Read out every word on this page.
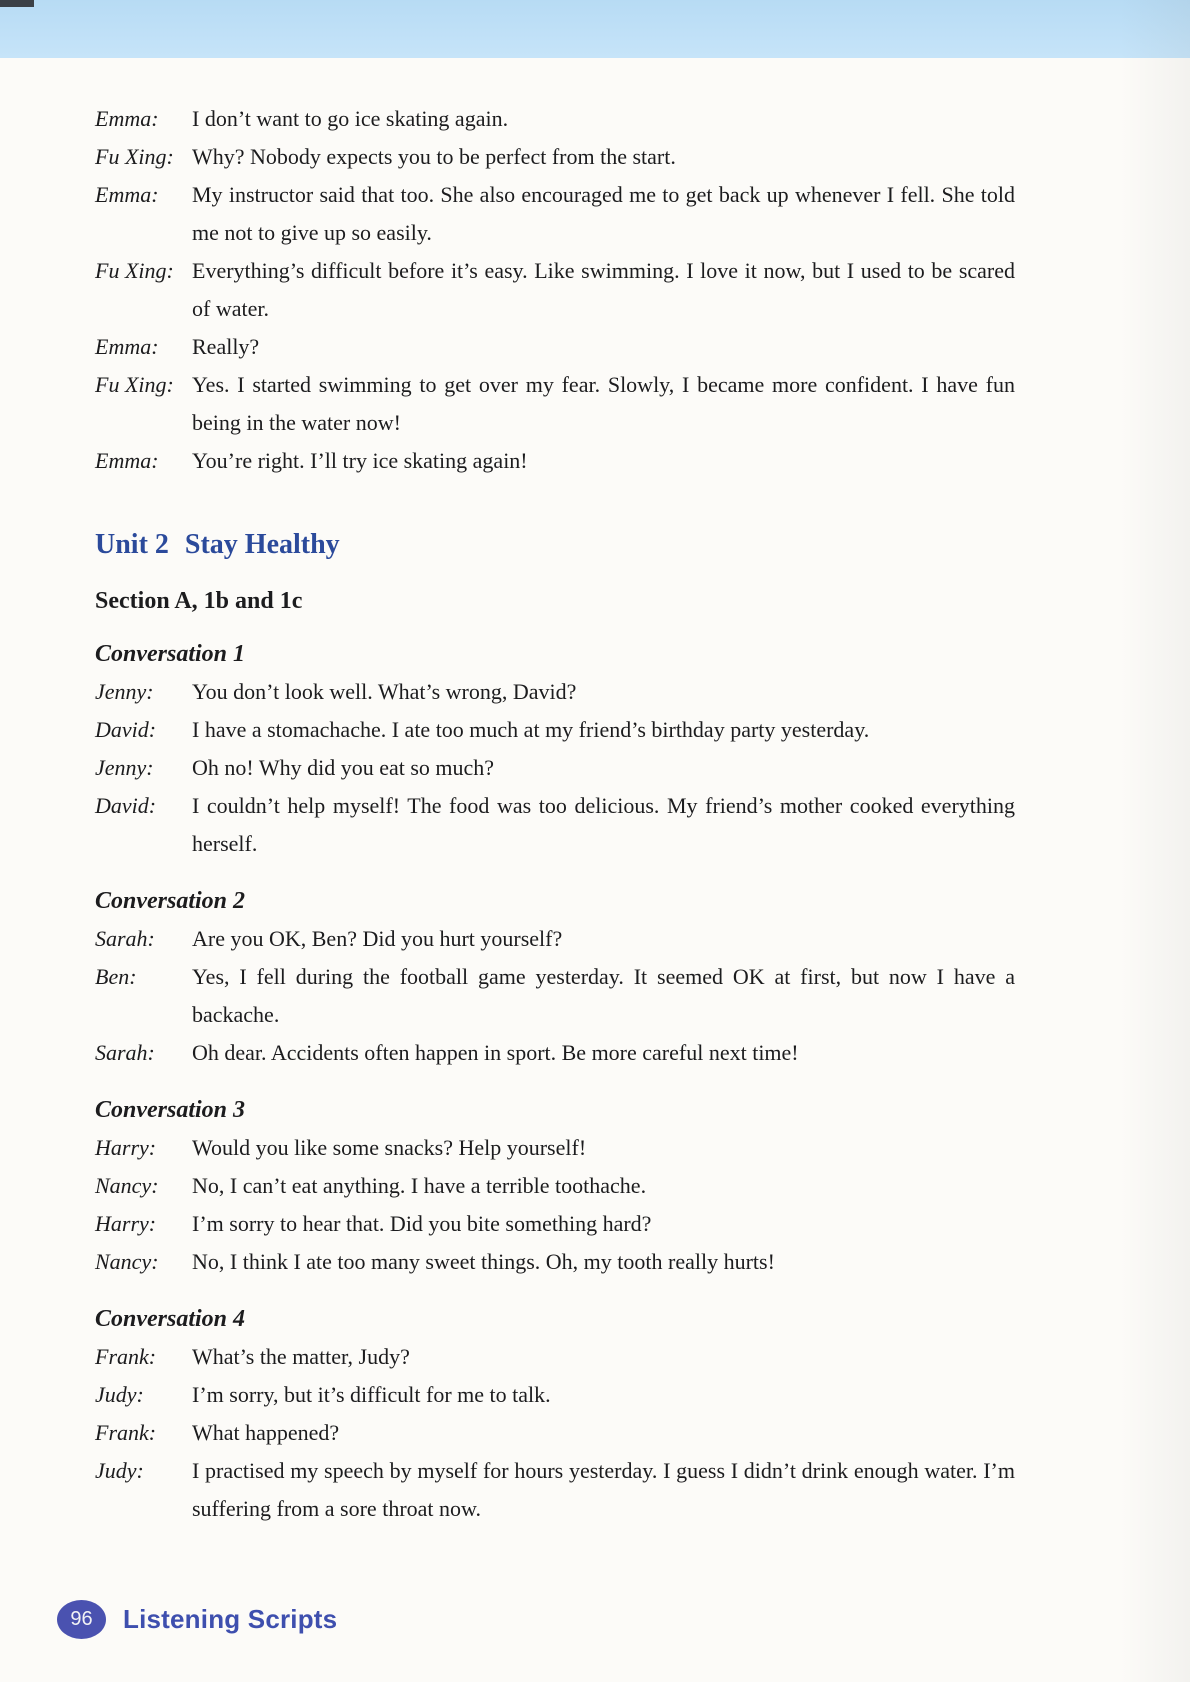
Emma:	I don’t want to go ice skating again.
Fu Xing: Why? Nobody expects you to be perfect from the start.
Emma:	My instructor said that too. She also encouraged me to get back up whenever I fell. She told me not to give up so easily.
Fu Xing: Everything’s difficult before it’s easy. Like swimming. I love it now, but I used to be scared of water.
Emma:	Really?
Fu Xing: Yes. I started swimming to get over my fear. Slowly, I became more confident. I have fun being in the water now!
Emma:	You’re right. I’ll try ice skating again!
Unit 2 Stay Healthy
Section A, 1b and 1c
Conversation 1
Jenny:	You don’t look well. What’s wrong, David?
David:	I have a stomachache. I ate too much at my friend’s birthday party yesterday.
Jenny:	Oh no! Why did you eat so much?
David:	I couldn’t help myself! The food was too delicious. My friend’s mother cooked everything herself.
Conversation 2
Sarah:	Are you OK, Ben? Did you hurt yourself?
Ben:	Yes, I fell during the football game yesterday. It seemed OK at first, but now I have a backache.
Sarah:	Oh dear. Accidents often happen in sport. Be more careful next time!
Conversation 3
Harry:	Would you like some snacks? Help yourself!
Nancy:	No, I can’t eat anything. I have a terrible toothache.
Harry:	I’m sorry to hear that. Did you bite something hard?
Nancy:	No, I think I ate too many sweet things. Oh, my tooth really hurts!
Conversation 4
Frank:	What’s the matter, Judy?
Judy:	I’m sorry, but it’s difficult for me to talk.
Frank:	What happened?
Judy:	I practised my speech by myself for hours yesterday. I guess I didn’t drink enough water. I’m suffering from a sore throat now.
96 Listening Scripts
